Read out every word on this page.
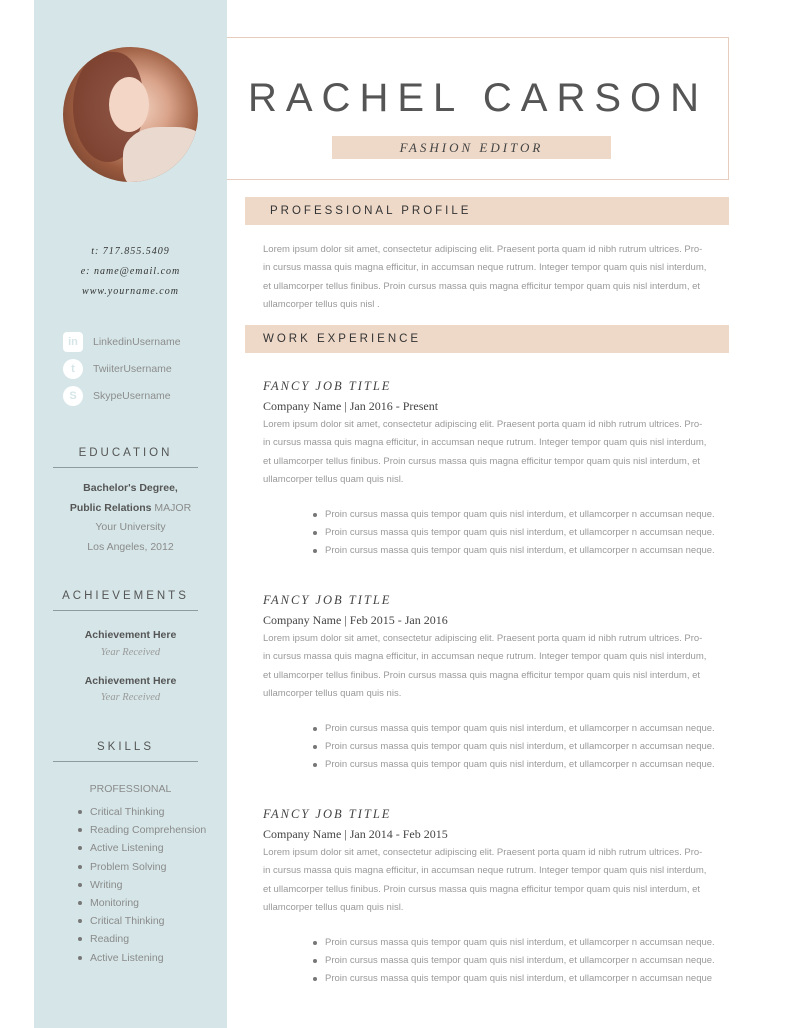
t: 717.855.5409
e: name@email.com
www.yourname.com
in	LinkedinUsername
t	TwiiterUsername
S	SkypeUsername
EDUCATION
Bachelor's Degree,
Public Relations MAJOR
Your University
Los Angeles, 2012
ACHIEVEMENTS
Achievement Here
Year Received
Achievement Here
Year Received
SKILLS
PROFESSIONAL
Critical Thinking
Reading Comprehension
Active Listening
Problem Solving
Writing
Monitoring
Critical Thinking
Reading
Active Listening
RACHEL CARSON
FASHION EDITOR
PROFESSIONAL PROFILE
Lorem ipsum dolor sit amet, consectetur adipiscing elit. Praesent porta quam id nibh rutrum ultrices. Pro-
in cursus massa quis magna efficitur, in accumsan neque rutrum. Integer tempor quam quis nisl interdum,
et ullamcorper tellus finibus. Proin cursus massa quis magna efficitur tempor quam quis nisl interdum, et
ullamcorper tellus quis nisl .
WORK EXPERIENCE
FANCY JOB TITLE
Company Name | Jan 2016 - Present
Lorem ipsum dolor sit amet, consectetur adipiscing elit. Praesent porta quam id nibh rutrum ultrices. Pro-
in cursus massa quis magna efficitur, in accumsan neque rutrum. Integer tempor quam quis nisl interdum,
et ullamcorper tellus finibus. Proin cursus massa quis magna efficitur tempor quam quis nisl interdum, et
ullamcorper tellus quam quis nisl.
Proin cursus massa quis tempor quam quis nisl interdum, et ullamcorper n accumsan neque.
Proin cursus massa quis tempor quam quis nisl interdum, et ullamcorper n accumsan neque.
Proin cursus massa quis tempor quam quis nisl interdum, et ullamcorper n accumsan neque.
FANCY JOB TITLE
Company Name | Feb 2015 - Jan 2016
Lorem ipsum dolor sit amet, consectetur adipiscing elit. Praesent porta quam id nibh rutrum ultrices. Pro-
in cursus massa quis magna efficitur, in accumsan neque rutrum. Integer tempor quam quis nisl interdum,
et ullamcorper tellus finibus. Proin cursus massa quis magna efficitur tempor quam quis nisl interdum, et
ullamcorper tellus quam quis nis.
Proin cursus massa quis tempor quam quis nisl interdum, et ullamcorper n accumsan neque.
Proin cursus massa quis tempor quam quis nisl interdum, et ullamcorper n accumsan neque.
Proin cursus massa quis tempor quam quis nisl interdum, et ullamcorper n accumsan neque.
FANCY JOB TITLE
Company Name | Jan 2014 - Feb 2015
Lorem ipsum dolor sit amet, consectetur adipiscing elit. Praesent porta quam id nibh rutrum ultrices. Pro-
in cursus massa quis magna efficitur, in accumsan neque rutrum. Integer tempor quam quis nisl interdum,
et ullamcorper tellus finibus. Proin cursus massa quis magna efficitur tempor quam quis nisl interdum, et
ullamcorper tellus quam quis nisl.
Proin cursus massa quis tempor quam quis nisl interdum, et ullamcorper n accumsan neque.
Proin cursus massa quis tempor quam quis nisl interdum, et ullamcorper n accumsan neque.
Proin cursus massa quis tempor quam quis nisl interdum, et ullamcorper n accumsan neque
